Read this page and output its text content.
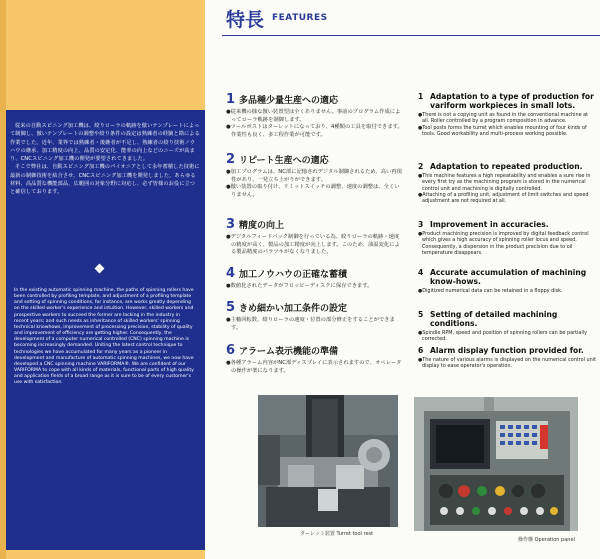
従来の自動スピニング加工機は、絞りローラの軌跡を倣いテンプレートによって制御し、倣いテンプレートの調整や絞り条件の設定は熟練者の経験と勘による作業でした。近年、業界では熟練者・後継者が不足し、熟練者の絞り技術ノウハウの継承、加工精度の向上、品質の安定化、能率の向上などのニーズが高まり、CNCスピニング加工機の開発が要望されてきました。

そこで弊社は、自動スピニング加工機のパイオニアとして永年蓄積した技術に最新の制御技術を結合させ、CNCスピニング加工機を開発しました。あらゆる材料、高品質な機能部品、広範囲の対象分野に対応し、必ず皆様のお役に立つと確信しております。

In the existing automatic spinning machine, the paths of spinning rollers have been controlled by profiling template, and adjustment of a profiling template and setting of spinning conditions, for instance, are works greatly depending on the skilled worker's experience and intuition. However, skilled workers and prospective workers to succeed the former are lacking in the industry in recent years; and such needs as inheritance of skilled workers' spinning technical knowhows, improvement of processing precision, stability of quality and improvement of efficiency are getting higher. Consequently, the development of a computer numerical controlled (CNC) spinning machine is becoming increasingly demanded. Uniting the latest control technique to technologies we have accumulated for many years as a pioneer in development and manufacture of automatic spinning machines, we now have developed a CNC spinning machine VARIFORMA®. We are confident of our VARIFORMA to cope with all kinds of materials, functional parts of high quality and application fields of a broad range as it is sure to be of every customer's use with satisfaction.

特長 FEATURES
1 多品種少量生産への適応
●従来機の様な倣い装置型は全くありません。事前のプログラム作成によってローラ軌跡を制御します。
●ツールポストはターレットになっており、4種類の工具を取付できます。作業性も良く、多工程作業が可能です。
2 リピート生産への適応
●加工プログラムは、NC部に記憶されデジタル制御されるため、高い再現性があり、一発立ち上がりができます。
●倣い装置の取り付け、リミットスイッチの調整、速度の調整は、全くいりません。
3 精度の向上
●デジタルフィードバック制御を行っている為、絞りローラの軌跡・速度の精度が高く、製品の加工精度が向上します。このため、油温変化による製品精度のバラツキがなくなりました。
4 加工ノウハウの正確な蓄積
●数値化されたデータがフロッピーディスクに保存できます。
5 きめ細かい加工条件の設定
●主軸回転数、絞りローラの速度・位置の部分修正をすることができます。
6 アラーム表示機能の準備
●各種アラーム内容がNC部ディスプレイに表示されますので、オペレータの操作が楽になります。
1 Adaptation to a type of production for variform workpieces in small lots.
●There is not a copying unit as found in the conventional machine at all. Roller controlled by a program composition in advance.
●Tool posts forms the turret which enables mounting of four kinds of tools. Good workability and multi-process working possible.
2 Adaptation to repeated production.
●This machine features a high repeatability and enables a sure rise in every first try as the machining program is stored in the numerical control unit and machining is digitally controlled.
●Attaching of a profiling unit, adjustment of limit switches and speed adjustment are not required at all.
3 Improvement in accuracies.
●Product machining precision is improved by digital feedback control which gives a high accuracy of spinning roller locus and speed. Consequently, a dispersion in the product precision due to oil temperature disappears.
4 Accurate accumulation of machining know-hows.
●Digitized numerical data can be retained in a floppy disk.
5 Setting of detailed machining conditions.
●Spindle RPM, speed and position of spinning rollers can be partially corrected.
6 Alarm display function provided for.
●The nature of various alarms is displayed on the numerical control unit display to ease operator's operation.
ターレット装置 Turret tool rest
操作盤 Operation panel
